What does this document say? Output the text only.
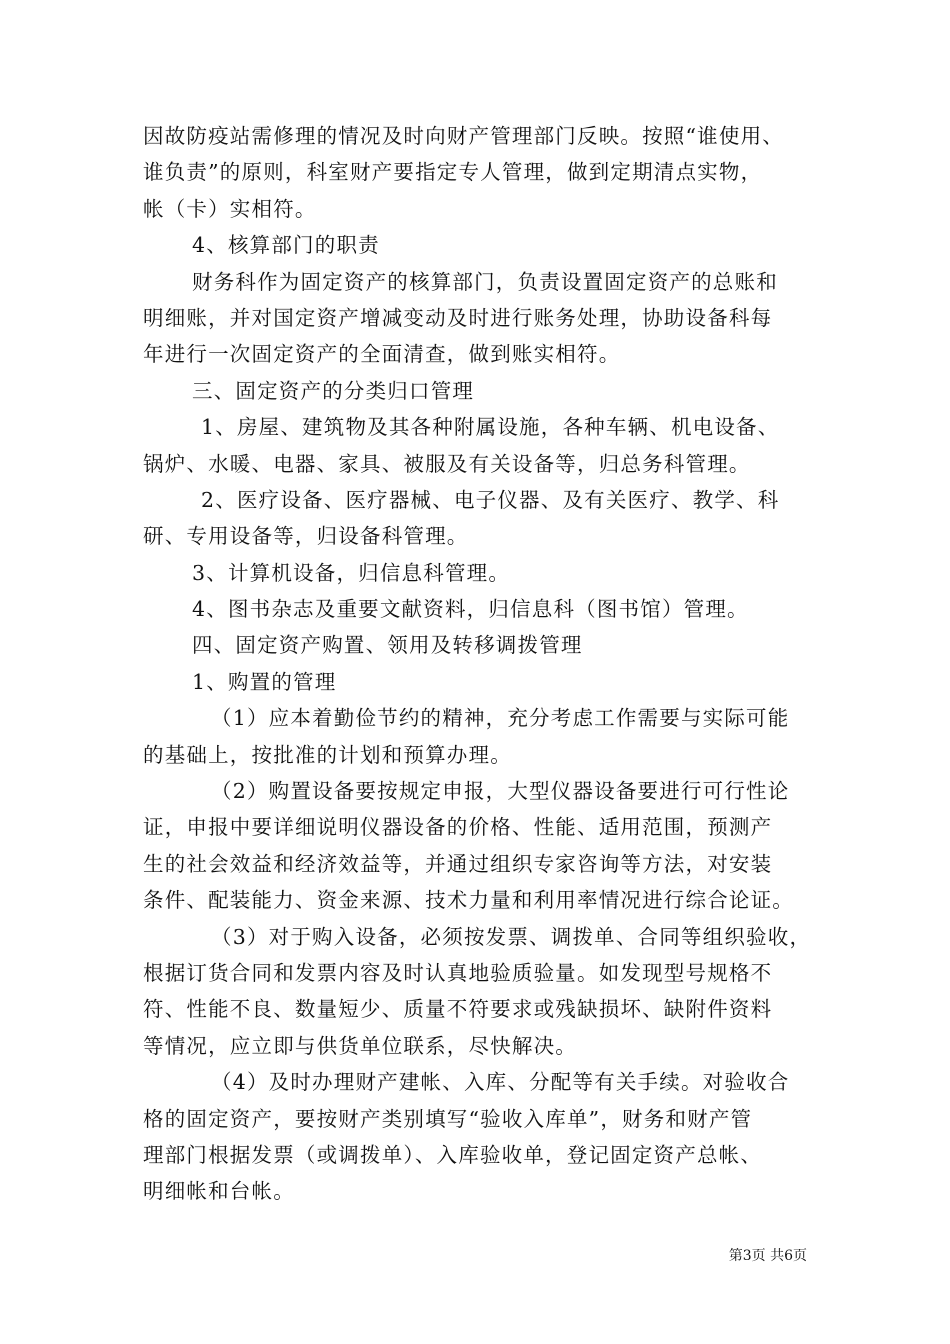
因故防疫站需修理的情况及时向财产管理部门反映。按照“谁使用、
谁负责”的原则，科室财产要指定专人管理，做到定期清点实物，
帐（卡）实相符。
4、核算部门的职责
财务科作为固定资产的核算部门，负责设置固定资产的总账和
明细账，并对国定资产增减变动及时进行账务处理，协助设备科每
年进行一次固定资产的全面清查，做到账实相符。
三、固定资产的分类归口管理
1、房屋、建筑物及其各种附属设施，各种车辆、机电设备、
锅炉、水暖、电器、家具、被服及有关设备等，归总务科管理。
2、医疗设备、医疗器械、电子仪器、及有关医疗、教学、科
研、专用设备等，归设备科管理。
3、计算机设备，归信息科管理。
4、图书杂志及重要文献资料，归信息科（图书馆）管理。
四、固定资产购置、领用及转移调拨管理
1、购置的管理
（1）应本着勤俭节约的精神，充分考虑工作需要与实际可能
的基础上，按批准的计划和预算办理。
（2）购置设备要按规定申报，大型仪器设备要进行可行性论
证，申报中要详细说明仪器设备的价格、性能、适用范围，预测产
生的社会效益和经济效益等，并通过组织专家咨询等方法，对安装
条件、配装能力、资金来源、技术力量和利用率情况进行综合论证。
（3）对于购入设备，必须按发票、调拨单、合同等组织验收，
根据订货合同和发票内容及时认真地验质验量。如发现型号规格不
符、性能不良、数量短少、质量不符要求或残缺损坏、缺附件资料
等情况，应立即与供货单位联系，尽快解决。
（4）及时办理财产建帐、入库、分配等有关手续。对验收合
格的固定资产，要按财产类别填写“验收入库单”，财务和财产管
理部门根据发票（或调拨单）、入库验收单，登记固定资产总帐、
明细帐和台帐。
第3页 共6页
